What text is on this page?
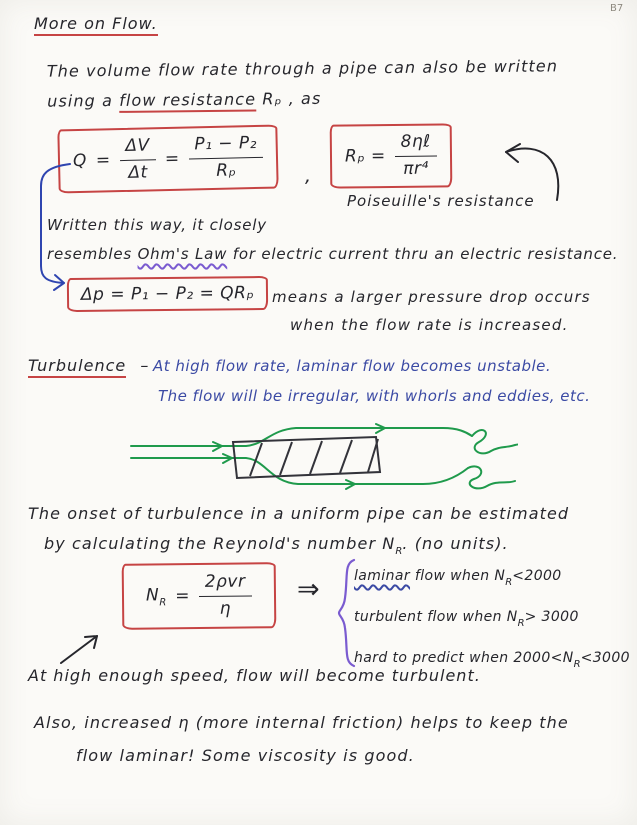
B7
More on Flow.
The volume flow rate through a pipe can also be written
using a flow resistance Rₚ , as
$Q = \frac{\Delta V}{\Delta t} = \frac{\text{P₁ − P₂}}{\text{Rₚ}}$ ,
$R_p = \frac{\text{8ηℓ}}{\text{πr⁴}}$
Poiseuille's resistance
Written this way, it closely
resembles Ohm's Law for electric current thru an electric resistance.
Δp = P₁ − P₂ = QRₚ	means a larger pressure drop occurs
when the flow rate is increased.
Turbulence – At high flow rate, laminar flow becomes unstable.
The flow will be irregular, with whorls and eddies, etc.
The onset of turbulence in a uniform pipe can be estimated
by calculating the Reynold's number $N_R$. (no units).
$N_R = \frac{\text{2ρvr}}{\eta}$ ⇒ laminar flow when $N_R<2000$
turbulent flow when $N_R> 3000$
hard to predict when $2000<N_R<3000$
At high enough speed, flow will become turbulent.
Also, increased η (more internal friction) helps to keep the
flow laminar! Some viscosity is good.
